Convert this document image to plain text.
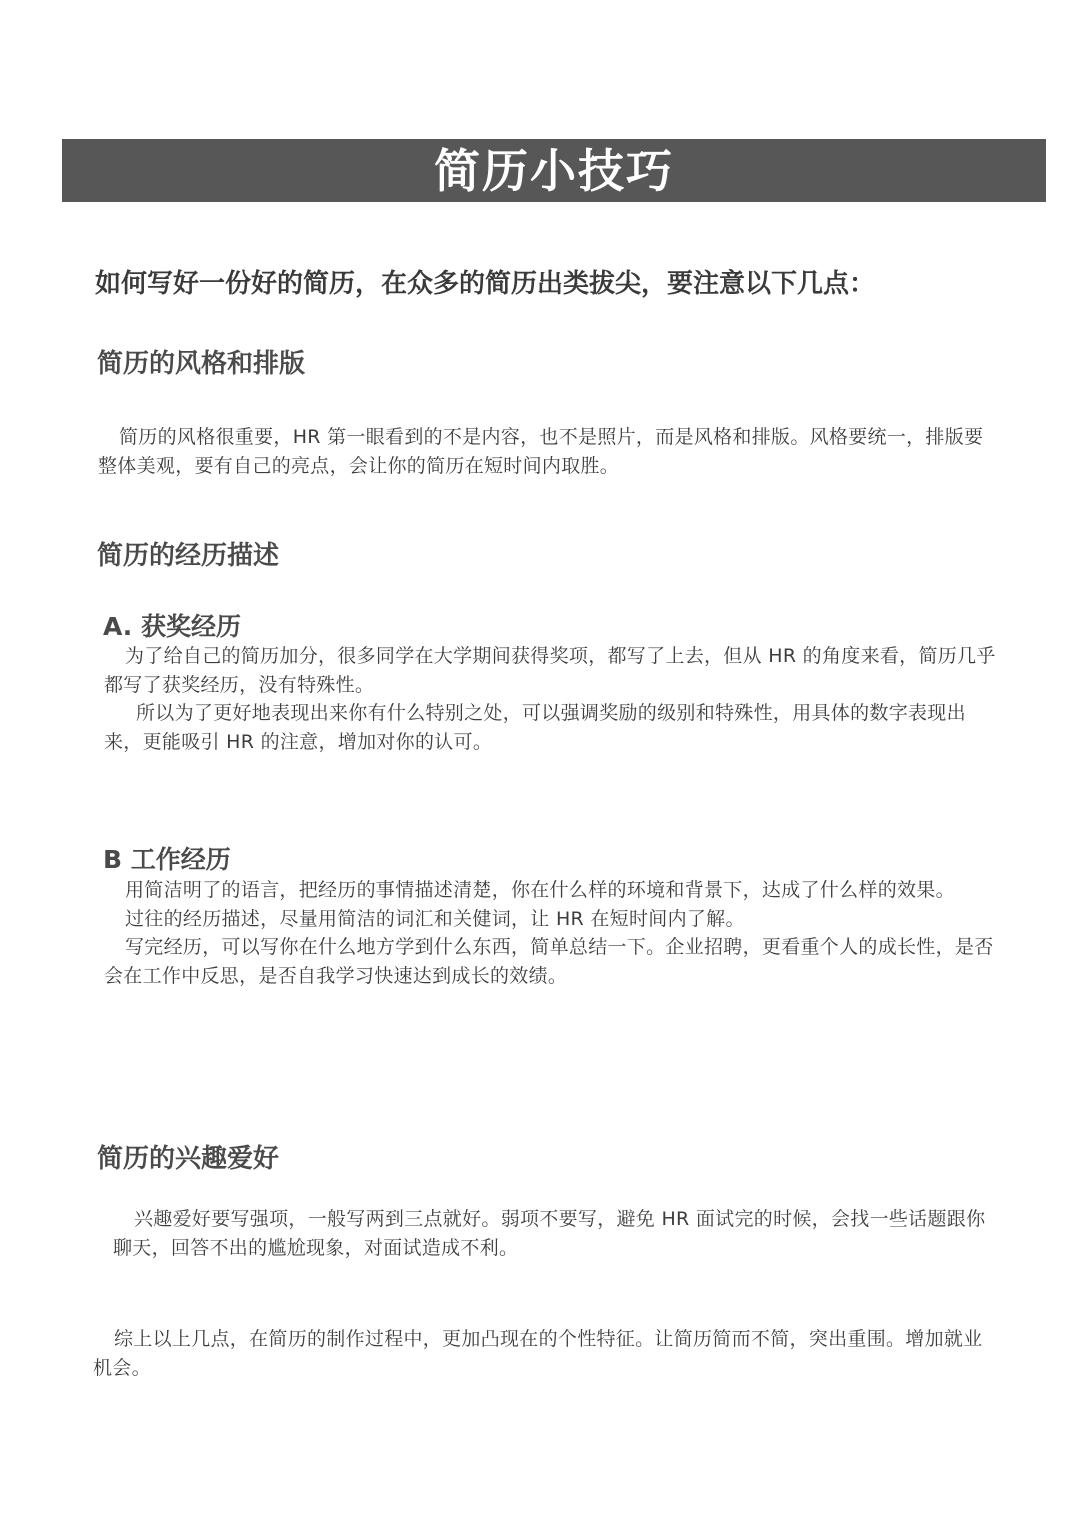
简历小技巧
如何写好一份好的简历，在众多的简历出类拔尖，要注意以下几点：
简历的风格和排版

简历的风格很重要，HR 第一眼看到的不是内容，也不是照片，而是风格和排版。风格要统一，排版要整体美观，要有自己的亮点，会让你的简历在短时间内取胜。

简历的经历描述
A. 获奖经历

为了给自己的简历加分，很多同学在大学期间获得奖项，都写了上去，但从 HR 的角度来看，简历几乎都写了获奖经历，没有特殊性。

所以为了更好地表现出来你有什么特别之处，可以强调奖励的级别和特殊性，用具体的数字表现出来，更能吸引 HR 的注意，增加对你的认可。

B 工作经历

用简洁明了的语言，把经历的事情描述清楚，你在什么样的环境和背景下，达成了什么样的效果。

过往的经历描述，尽量用简洁的词汇和关健词，让 HR 在短时间内了解。

写完经历，可以写你在什么地方学到什么东西，简单总结一下。企业招聘，更看重个人的成长性，是否会在工作中反思，是否自我学习快速达到成长的效绩。

简历的兴趣爱好

兴趣爱好要写强项，一般写两到三点就好。弱项不要写，避免 HR 面试完的时候，会找一些话题跟你聊天，回答不出的尴尬现象，对面试造成不利。

综上以上几点，在简历的制作过程中，更加凸现在的个性特征。让简历简而不简，突出重围。增加就业机会。
